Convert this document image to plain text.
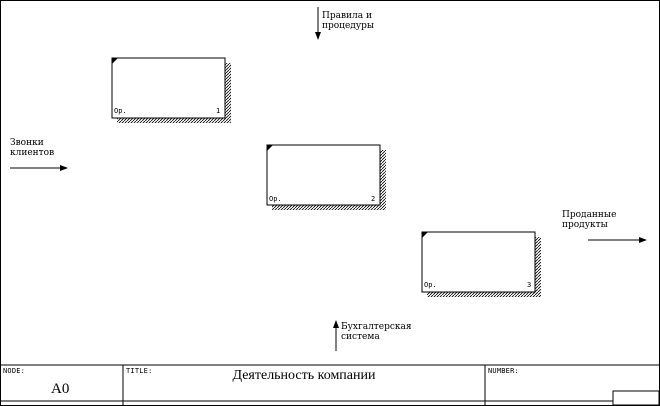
Правила и
процедуры
Звонки
клиентов
Проданные
продукты
Бухгалтерская
система
Op.	1
Op.	2
Op.	3
NODE:
A0
TITLE:	Деятельность компании	NUMBER:
